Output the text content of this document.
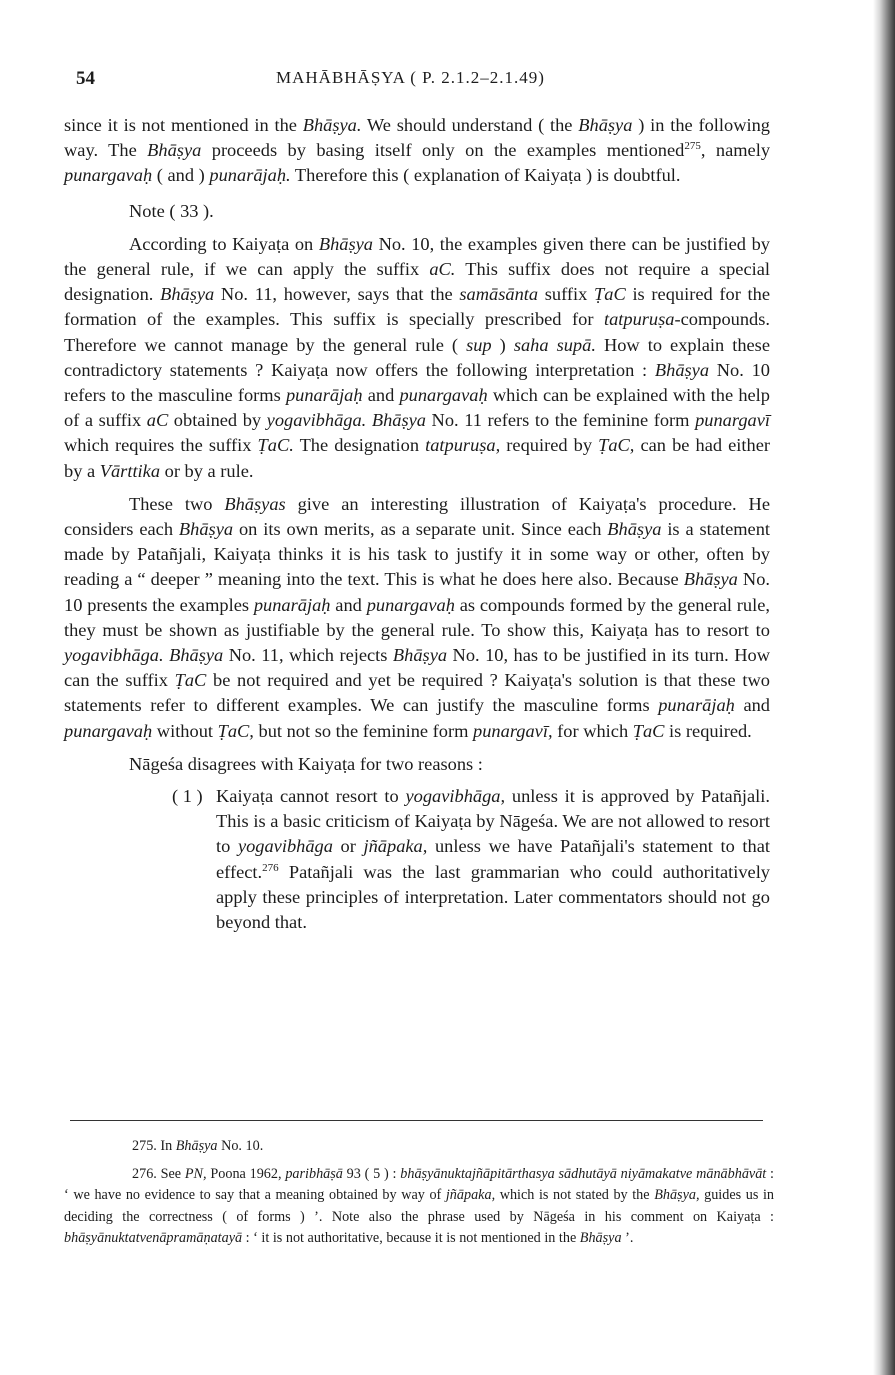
54	MAHĀBHĀṢYA ( P. 2.1.2–2.1.49)

since it is not mentioned in the Bhāṣya. We should understand ( the Bhāṣya ) in the following way. The Bhāṣya proceeds by basing itself only on the examples mentioned$^{275}$, namely punargavaḥ ( and ) punarājaḥ. Therefore this ( explanation of Kaiyaṭa ) is doubtful.

Note ( 33 ).

According to Kaiyaṭa on Bhāṣya No. 10, the examples given there can be justified by the general rule, if we can apply the suffix aC. This suffix does not require a special designation. Bhāṣya No. 11, however, says that the samāsānta suffix ṬaC is required for the formation of the examples. This suffix is specially prescribed for tatpuruṣa-compounds. Therefore we cannot manage by the general rule ( sup ) saha supā. How to explain these contradictory statements ? Kaiyaṭa now offers the following interpretation : Bhāṣya No. 10 refers to the masculine forms punarājaḥ and punargavaḥ which can be explained with the help of a suffix aC obtained by yogavibhāga. Bhāṣya No. 11 refers to the feminine form punargavī which requires the suffix ṬaC. The designation tatpuruṣa, required by ṬaC, can be had either by a Vārttika or by a rule.

These two Bhāṣyas give an interesting illustration of Kaiyaṭa's procedure. He considers each Bhāṣya on its own merits, as a separate unit. Since each Bhāṣya is a statement made by Patañjali, Kaiyaṭa thinks it is his task to justify it in some way or other, often by reading a “ deeper ” meaning into the text. This is what he does here also. Because Bhāṣya No. 10 presents the examples punarājaḥ and punargavaḥ as compounds formed by the general rule, they must be shown as justifiable by the general rule. To show this, Kaiyaṭa has to resort to yogavibhāga. Bhāṣya No. 11, which rejects Bhāṣya No. 10, has to be justified in its turn. How can the suffix ṬaC be not required and yet be required ? Kaiyaṭa's solution is that these two statements refer to different examples. We can justify the masculine forms punarājaḥ and punargavaḥ without ṬaC, but not so the feminine form punargavī, for which ṬaC is required.

Nāgeśa disagrees with Kaiyaṭa for two reasons :

( 1 ) Kaiyaṭa cannot resort to yogavibhāga, unless it is approved by Patañjali. This is a basic criticism of Kaiyaṭa by Nāgeśa. We are not allowed to resort to yogavibhāga or jñāpaka, unless we have Patañjali's statement to that effect.$^{276}$ Patañjali was the last grammarian who could authoritatively apply these principles of interpretation. Later commentators should not go beyond that.

275. In Bhāṣya No. 10.

276. See PN, Poona 1962, paribhāṣā 93 ( 5 ) : bhāṣyānuktajñāpitārthasya sādhutāyā niyāmakatve mānābhāvāt : ‘ we have no evidence to say that a meaning obtained by way of jñāpaka, which is not stated by the Bhāṣya, guides us in deciding the correctness ( of forms ) ’. Note also the phrase used by Nāgeśa in his comment on Kaiyaṭa : bhāṣyānuktatvenāpramāṇatayā : ‘ it is not authoritative, because it is not mentioned in the Bhāṣya ’.
